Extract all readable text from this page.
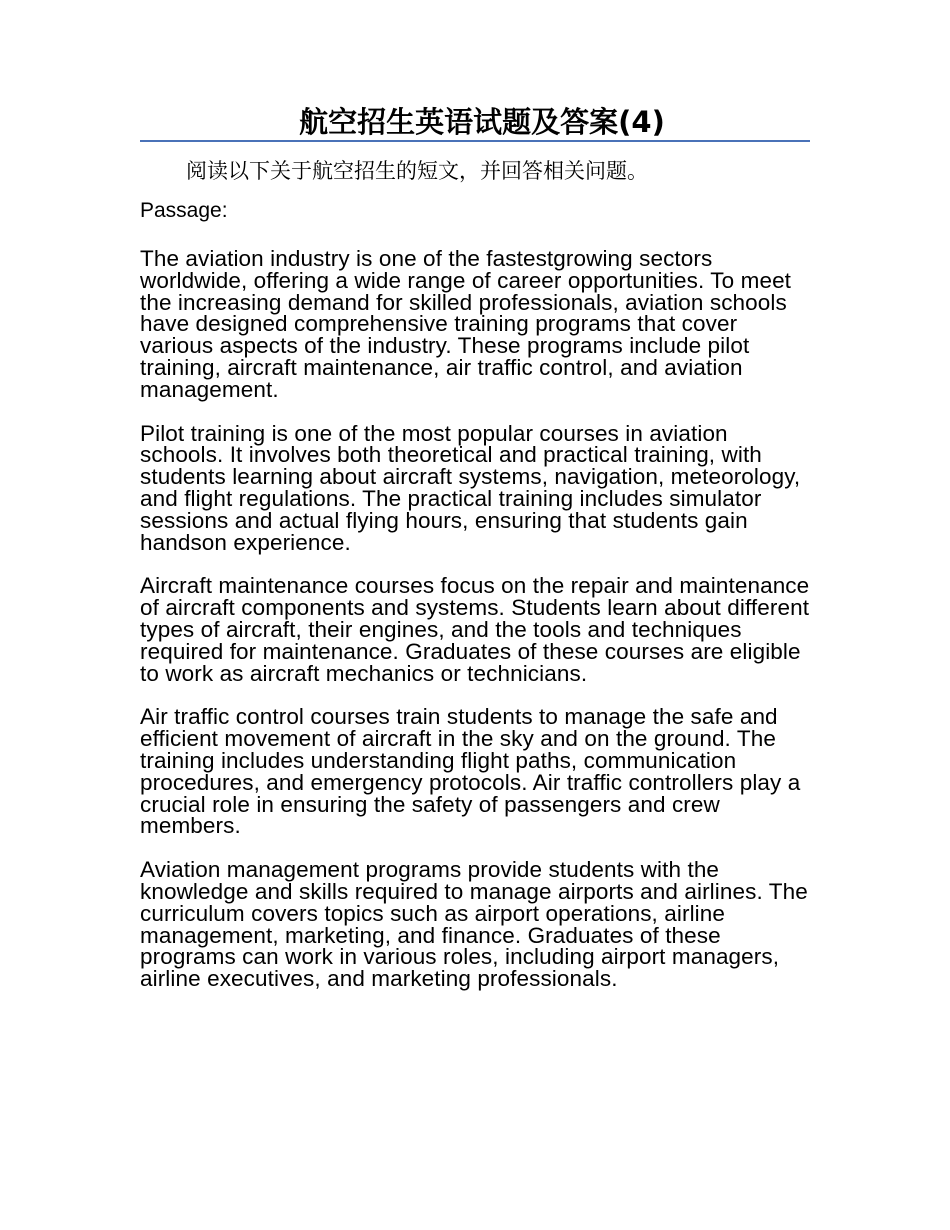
航空招生英语试题及答案(4)

阅读以下关于航空招生的短文，并回答相关问题。

Passage:

The aviation industry is one of the fastestgrowing sectors worldwide, offering a wide range of career opportunities. To meet the increasing demand for skilled professionals, aviation schools have designed comprehensive training programs that cover various aspects of the industry. These programs include pilot training, aircraft maintenance, air traffic control, and aviation management.

Pilot training is one of the most popular courses in aviation schools. It involves both theoretical and practical training, with students learning about aircraft systems, navigation, meteorology, and flight regulations. The practical training includes simulator sessions and actual flying hours, ensuring that students gain handson experience.

Aircraft maintenance courses focus on the repair and maintenance of aircraft components and systems. Students learn about different types of aircraft, their engines, and the tools and techniques required for maintenance. Graduates of these courses are eligible to work as aircraft mechanics or technicians.

Air traffic control courses train students to manage the safe and efficient movement of aircraft in the sky and on the ground. The training includes understanding flight paths, communication procedures, and emergency protocols. Air traffic controllers play a crucial role in ensuring the safety of passengers and crew members.

Aviation management programs provide students with the knowledge and skills required to manage airports and airlines. The curriculum covers topics such as airport operations, airline management, marketing, and finance. Graduates of these programs can work in various roles, including airport managers, airline executives, and marketing professionals.
